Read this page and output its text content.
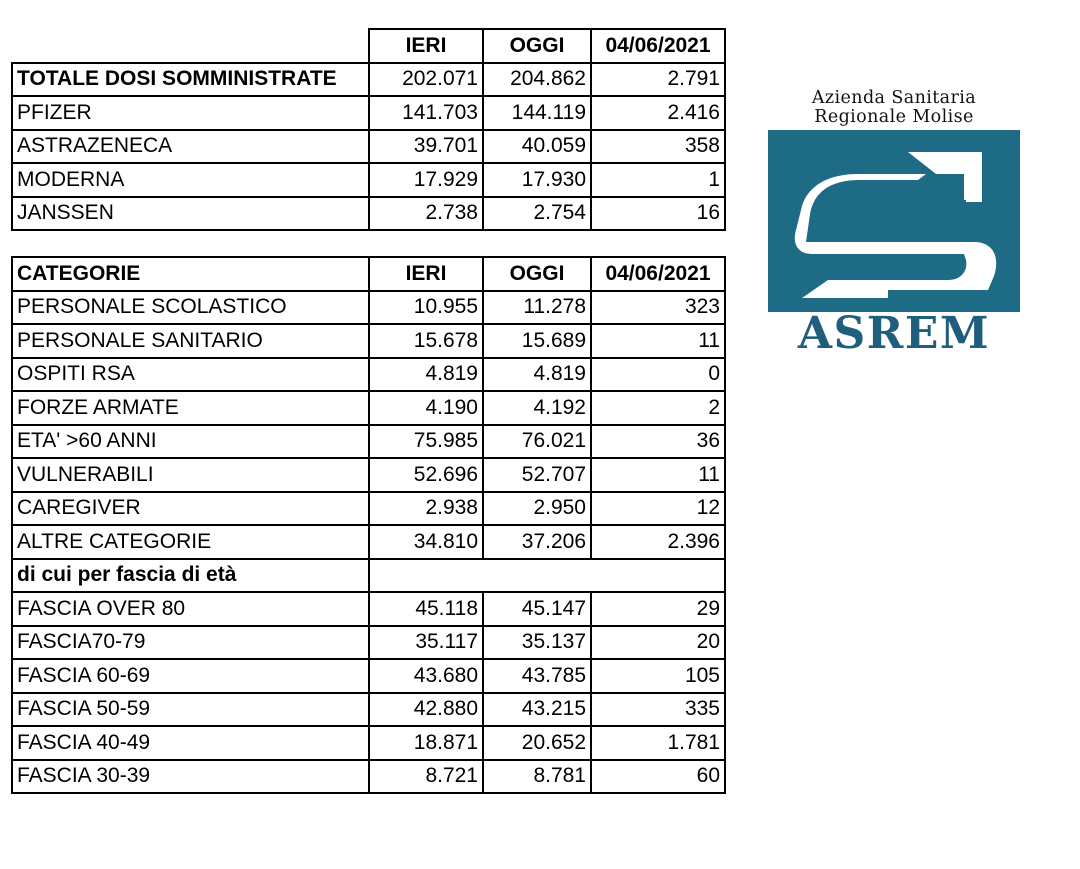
	IERI	OGGI	04/06/2021
TOTALE DOSI SOMMINISTRATE	202.071	204.862	2.791
PFIZER	141.703	144.119	2.416
ASTRAZENECA	39.701	40.059	358
MODERNA	17.929	17.930	1
JANSSEN	2.738	2.754	16
CATEGORIE	IERI	OGGI	04/06/2021
PERSONALE SCOLASTICO	10.955	11.278	323
PERSONALE SANITARIO	15.678	15.689	11
OSPITI RSA	4.819	4.819	0
FORZE ARMATE	4.190	4.192	2
ETA' >60 ANNI	75.985	76.021	36
VULNERABILI	52.696	52.707	11
CAREGIVER	2.938	2.950	12
ALTRE CATEGORIE	34.810	37.206	2.396
di cui per fascia di età			
FASCIA OVER 80	45.118	45.147	29
FASCIA70-79	35.117	35.137	20
FASCIA 60-69	43.680	43.785	105
FASCIA 50-59	42.880	43.215	335
FASCIA 40-49	18.871	20.652	1.781
FASCIA 30-39	8.721	8.781	60
Azienda Sanitaria
Regionale Molise
ASREM
